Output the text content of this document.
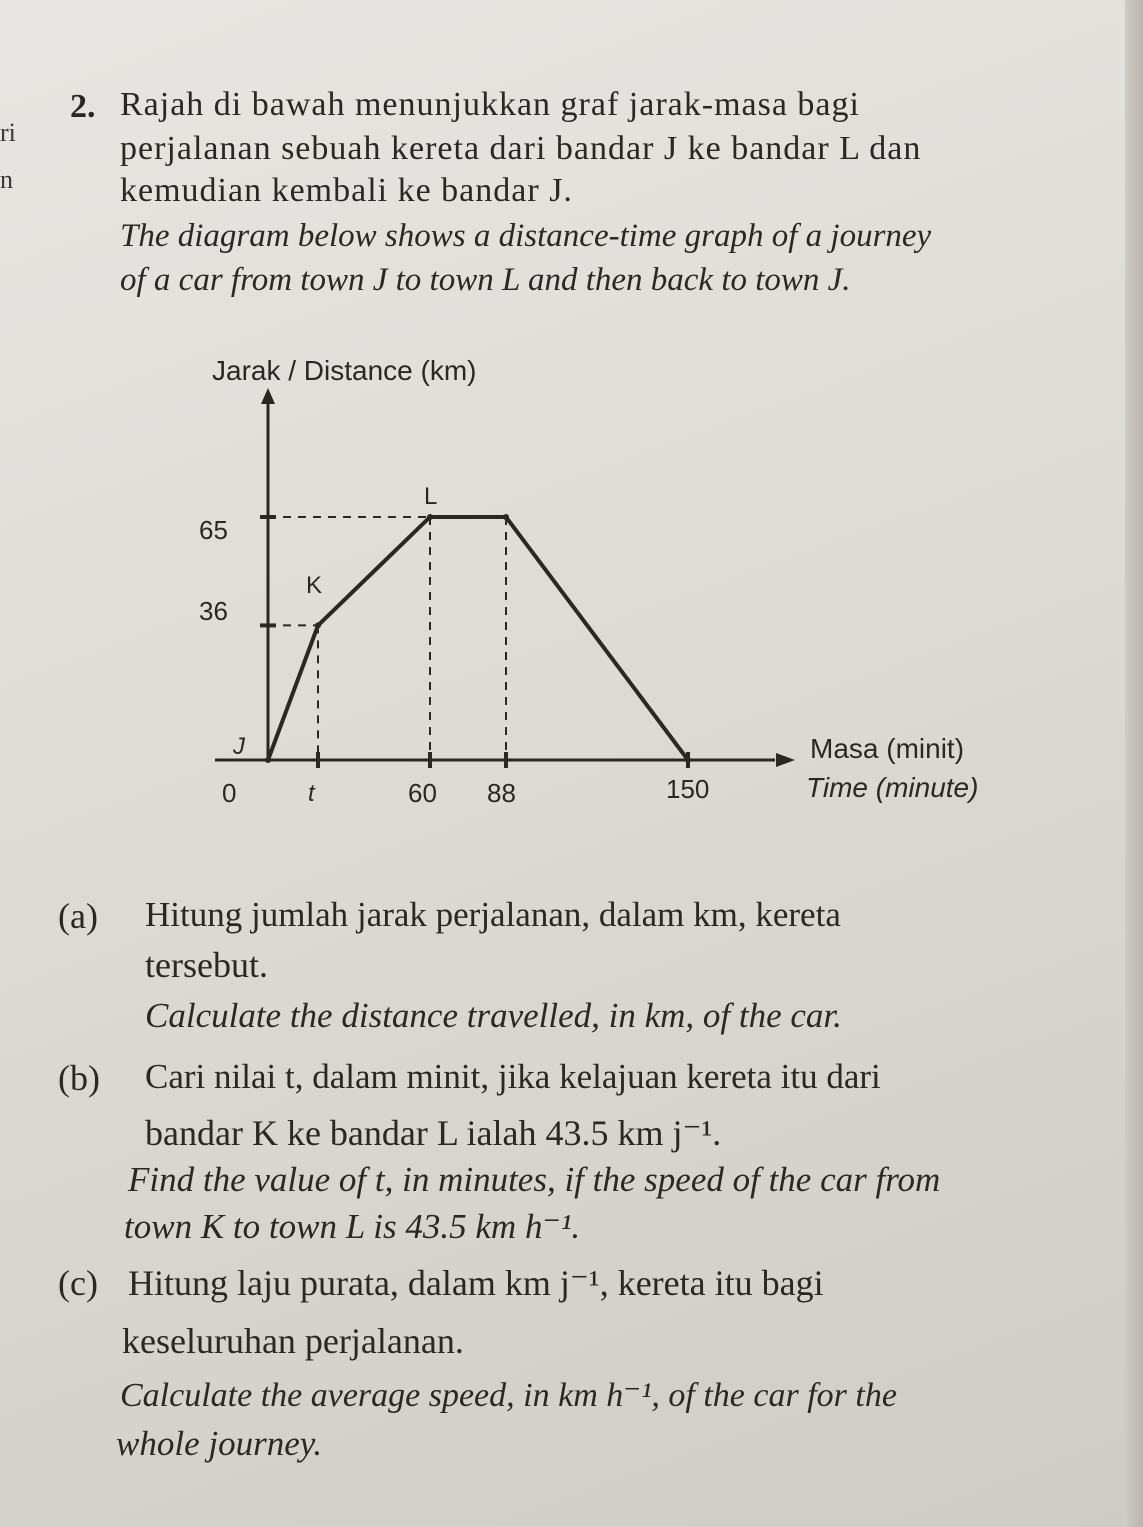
ri
n
2. Rajah di bawah menunjukkan graf jarak-masa bagi
perjalanan sebuah kereta dari bandar J ke bandar L dan
kemudian kembali ke bandar J.
The diagram below shows a distance-time graph of a journey
of a car from town J to town L and then back to town J.
Jarak / Distance (km)
Masa (minit)
Time (minute)
0	t	60 88	150
36
65
J
K
L
(a) Hitung jumlah jarak perjalanan, dalam km, kereta
tersebut.
Calculate the distance travelled, in km, of the car.
(b) Cari nilai t, dalam minit, jika kelajuan kereta itu dari
bandar K ke bandar L ialah 43.5 km j⁻¹.
Find the value of t, in minutes, if the speed of the car from
town K to town L is 43.5 km h⁻¹.
(c) Hitung laju purata, dalam km j⁻¹, kereta itu bagi
keseluruhan perjalanan.
Calculate the average speed, in km h⁻¹, of the car for the
whole journey.
